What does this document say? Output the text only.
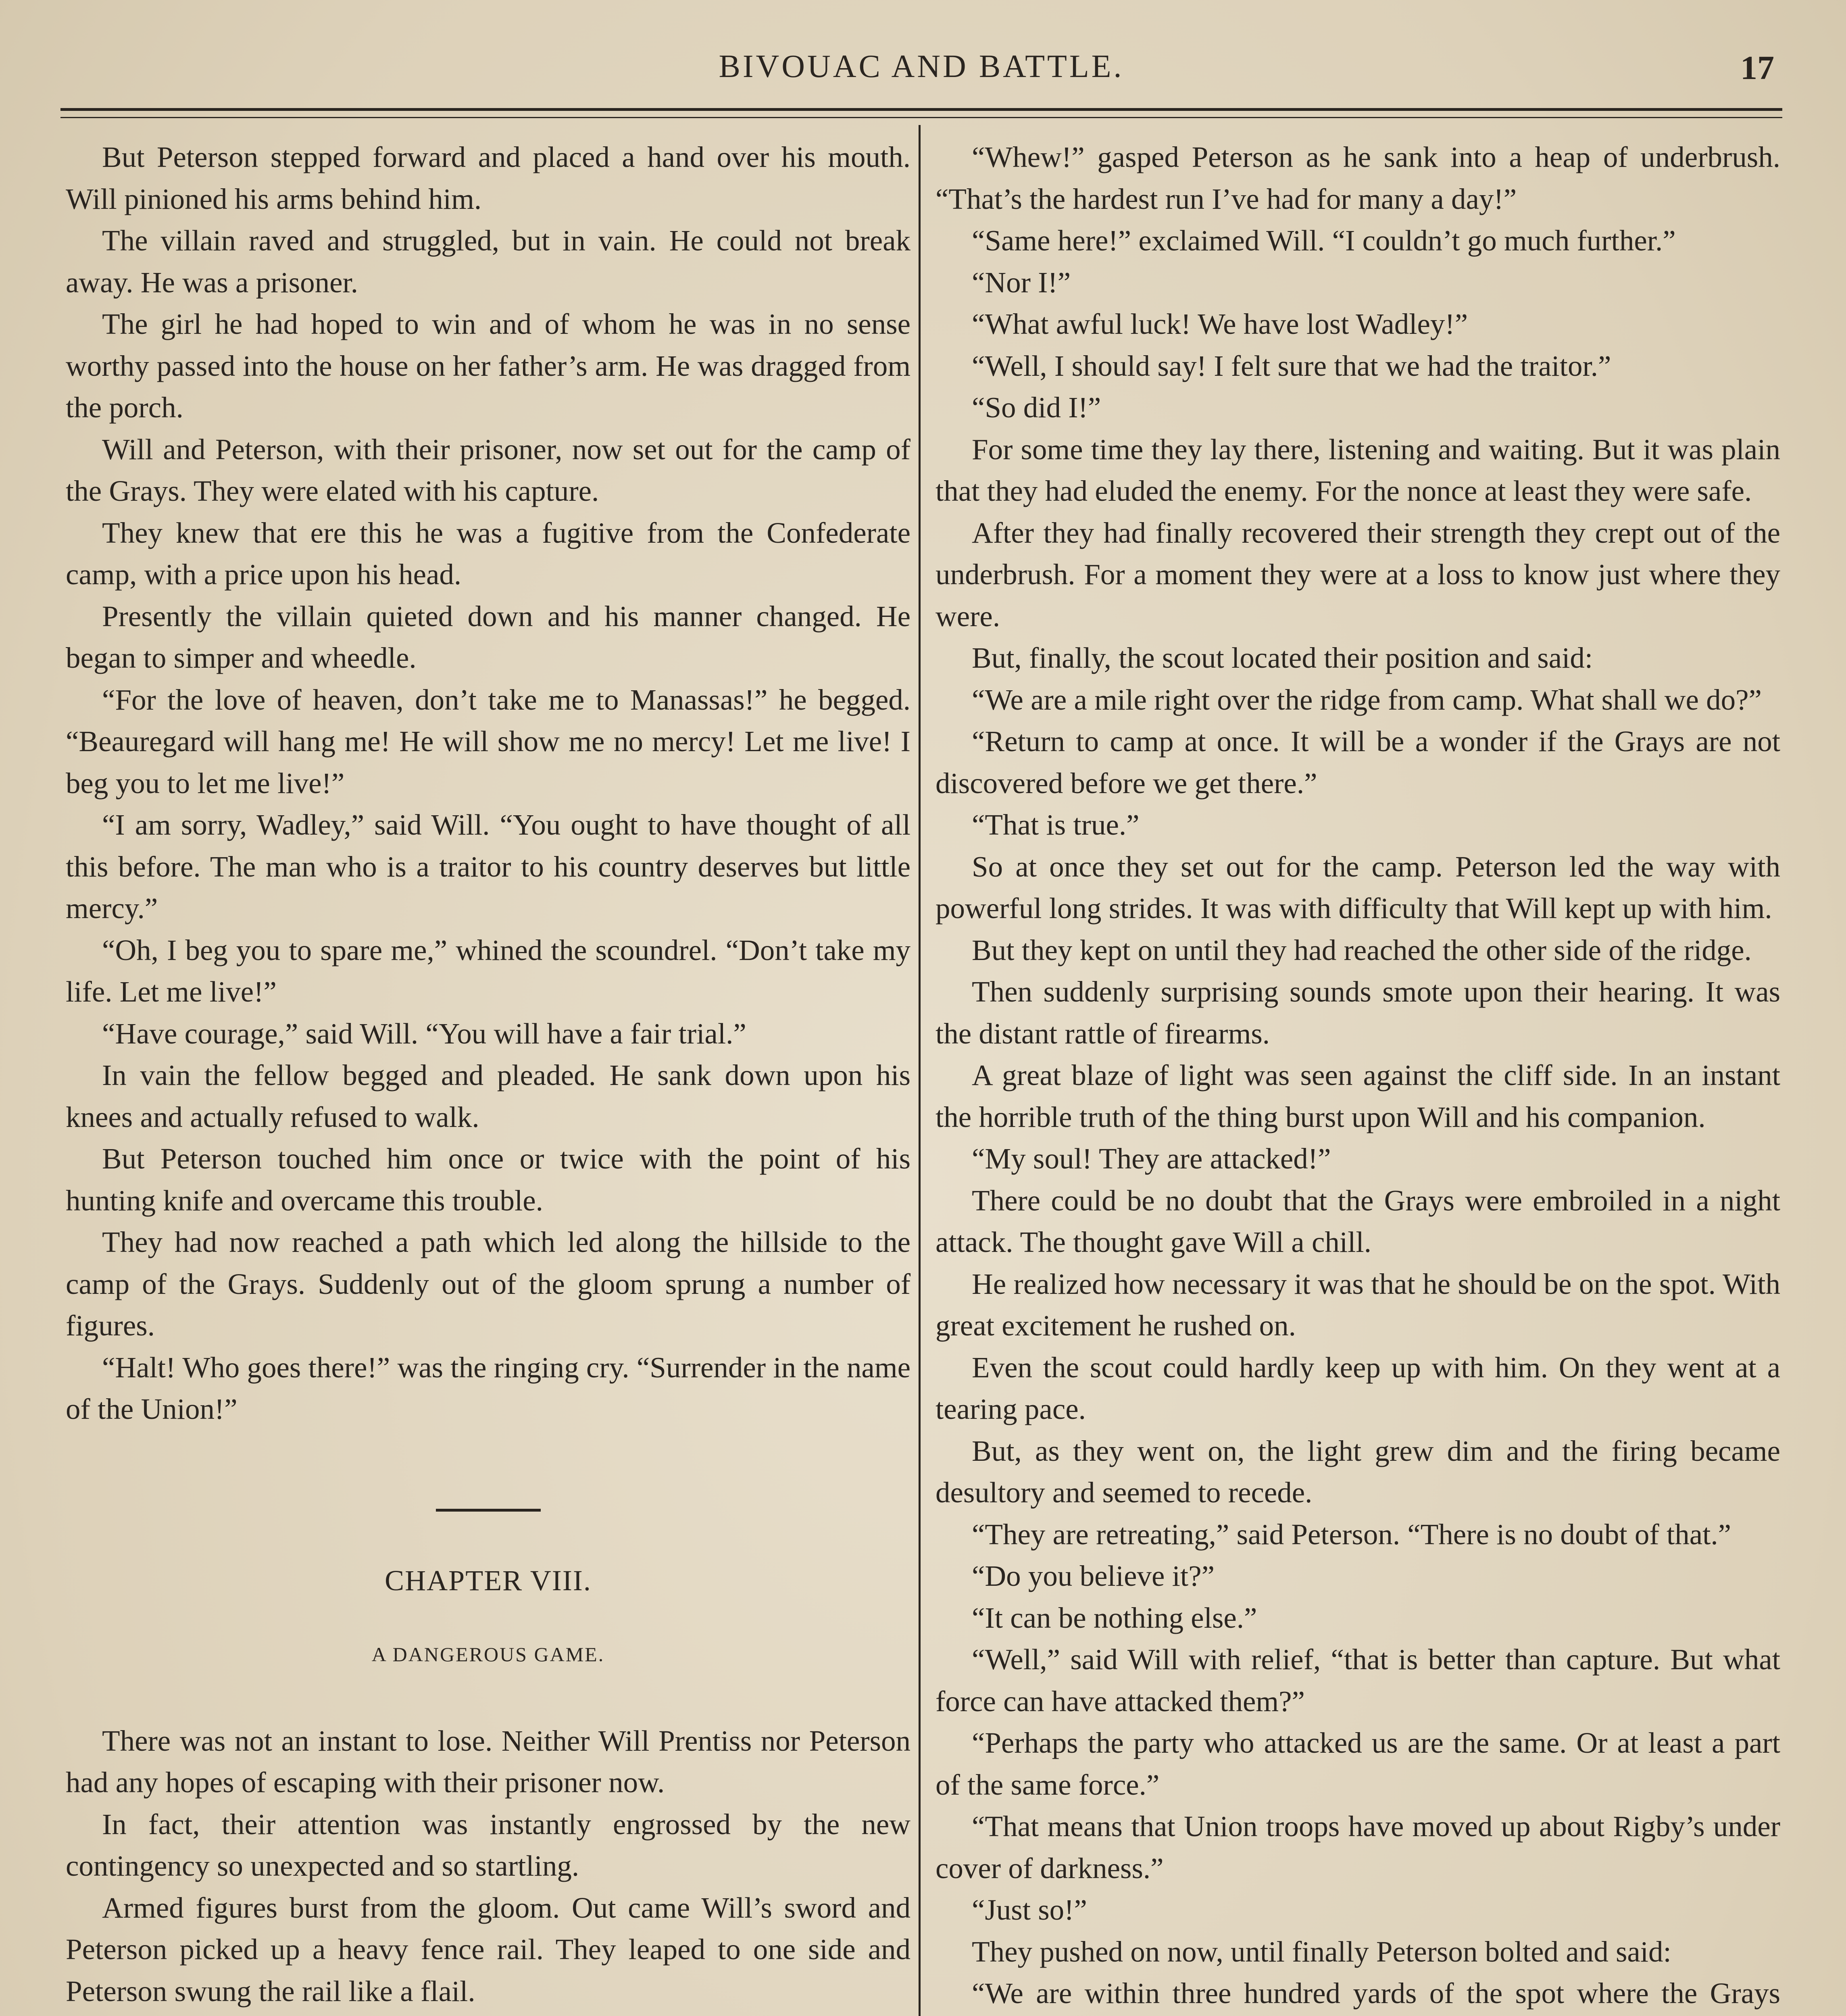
BIVOUAC AND BATTLE.	17

But Peterson stepped forward and placed a hand over his mouth. Will pinioned his arms behind him.

The villain raved and struggled, but in vain. He could not break away. He was a prisoner.

The girl he had hoped to win and of whom he was in no sense worthy passed into the house on her father’s arm. He was dragged from the porch.

Will and Peterson, with their prisoner, now set out for the camp of the Grays. They were elated with his capture.

They knew that ere this he was a fugitive from the Confederate camp, with a price upon his head.

Presently the villain quieted down and his manner changed. He began to simper and wheedle.

“For the love of heaven, don’t take me to Manassas!” he begged. “Beauregard will hang me! He will show me no mercy! Let me live! I beg you to let me live!”

“I am sorry, Wadley,” said Will. “You ought to have thought of all this before. The man who is a traitor to his country deserves but little mercy.”

“Oh, I beg you to spare me,” whined the scoundrel. “Don’t take my life. Let me live!”

“Have courage,” said Will. “You will have a fair trial.”

In vain the fellow begged and pleaded. He sank down upon his knees and actually refused to walk.

But Peterson touched him once or twice with the point of his hunting knife and overcame this trouble.

They had now reached a path which led along the hillside to the camp of the Grays. Suddenly out of the gloom sprung a number of figures.

“Halt! Who goes there!” was the ringing cry. “Surrender in the name of the Union!”

CHAPTER VIII.

A DANGEROUS GAME.

There was not an instant to lose. Neither Will Prentiss nor Peterson had any hopes of escaping with their prisoner now.

In fact, their attention was instantly engrossed by the new contingency so unexpected and so startling.

Armed figures burst from the gloom. Out came Will’s sword and Peterson picked up a heavy fence rail. They leaped to one side and Peterson swung the rail like a flail.

“Whew!” gasped Peterson as he sank into a heap of underbrush. “That’s the hardest run I’ve had for many a day!”

“Same here!” exclaimed Will. “I couldn’t go much further.”

“Nor I!”

“What awful luck! We have lost Wadley!”

“Well, I should say! I felt sure that we had the traitor.”

“So did I!”

For some time they lay there, listening and waiting. But it was plain that they had eluded the enemy. For the nonce at least they were safe.

After they had finally recovered their strength they crept out of the underbrush. For a moment they were at a loss to know just where they were.

But, finally, the scout located their position and said:

“We are a mile right over the ridge from camp. What shall we do?”

“Return to camp at once. It will be a wonder if the Grays are not discovered before we get there.”

“That is true.”

So at once they set out for the camp. Peterson led the way with powerful long strides. It was with difficulty that Will kept up with him.

But they kept on until they had reached the other side of the ridge.

Then suddenly surprising sounds smote upon their hearing. It was the distant rattle of firearms.

A great blaze of light was seen against the cliff side. In an instant the horrible truth of the thing burst upon Will and his companion.

“My soul! They are attacked!”

There could be no doubt that the Grays were embroiled in a night attack. The thought gave Will a chill.

He realized how necessary it was that he should be on the spot. With great excitement he rushed on.

Even the scout could hardly keep up with him. On they went at a tearing pace.

But, as they went on, the light grew dim and the firing became desultory and seemed to recede.

“They are retreating,” said Peterson. “There is no doubt of that.”

“Do you believe it?”

“It can be nothing else.”

“Well,” said Will with relief, “that is better than capture. But what force can have attacked them?”

“Perhaps the party who attacked us are the same. Or at least a part of the same force.”

“That means that Union troops have moved up about Rigby’s under cover of darkness.”

“Just so!”

They pushed on now, until finally Peterson bolted and said:

“We are within three hundred yards of the spot where the Grays
